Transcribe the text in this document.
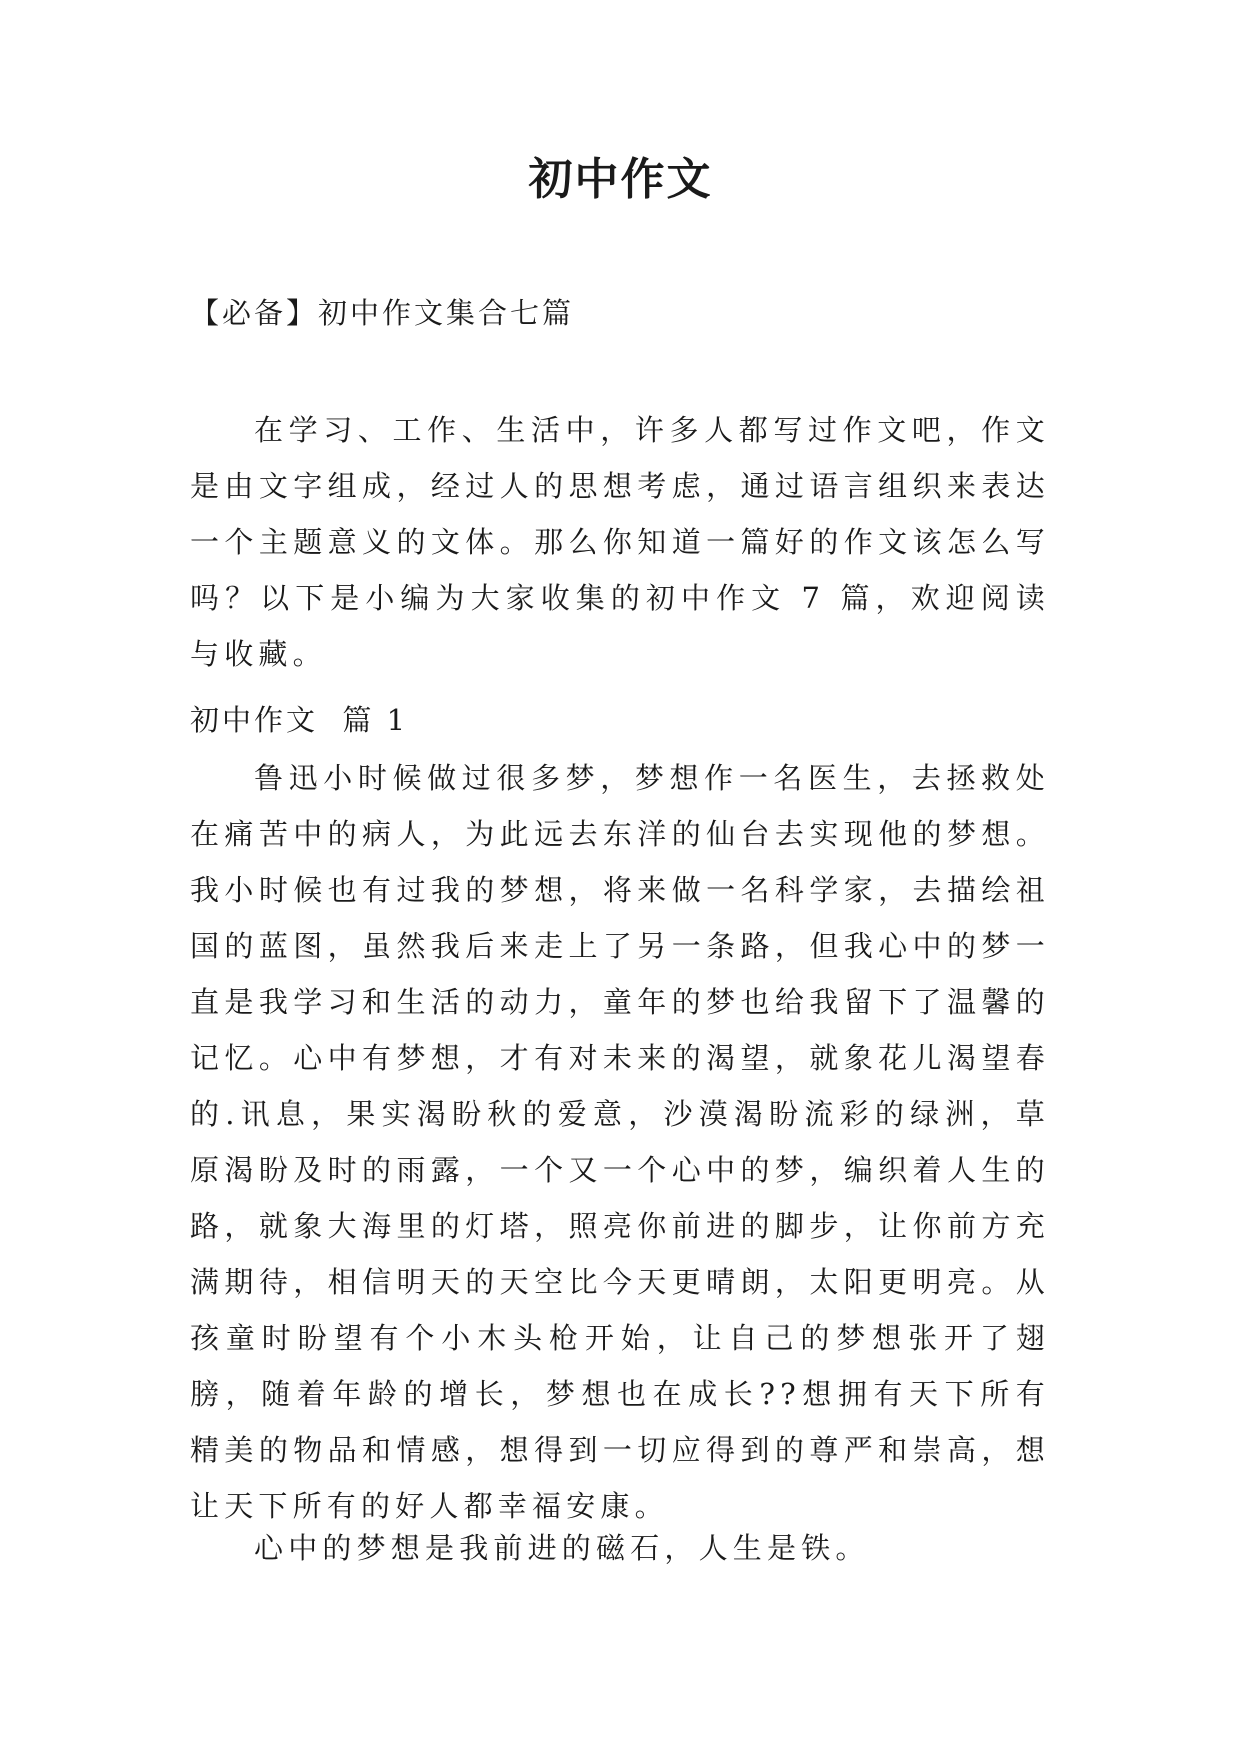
初中作文
【必备】初中作文集合七篇

在学习、工作、生活中，许多人都写过作文吧，作文是由文字组成，经过人的思想考虑，通过语言组织来表达一个主题意义的文体。那么你知道一篇好的作文该怎么写吗？以下是小编为大家收集的初中作文 7 篇，欢迎阅读与收藏。

初中作文  篇 1

鲁迅小时候做过很多梦，梦想作一名医生，去拯救处在痛苦中的病人，为此远去东洋的仙台去实现他的梦想。我小时候也有过我的梦想，将来做一名科学家，去描绘祖国的蓝图，虽然我后来走上了另一条路，但我心中的梦一直是我学习和生活的动力，童年的梦也给我留下了温馨的记忆。心中有梦想，才有对未来的渴望，就象花儿渴望春的.讯息，果实渴盼秋的爱意，沙漠渴盼流彩的绿洲，草原渴盼及时的雨露，一个又一个心中的梦，编织着人生的路，就象大海里的灯塔，照亮你前进的脚步，让你前方充满期待，相信明天的天空比今天更晴朗，太阳更明亮。从孩童时盼望有个小木头枪开始，让自己的梦想张开了翅膀，随着年龄的增长，梦想也在成长??想拥有天下所有精美的物品和情感，想得到一切应得到的尊严和崇高，想让天下所有的好人都幸福安康。

心中的梦想是我前进的磁石，人生是铁。
